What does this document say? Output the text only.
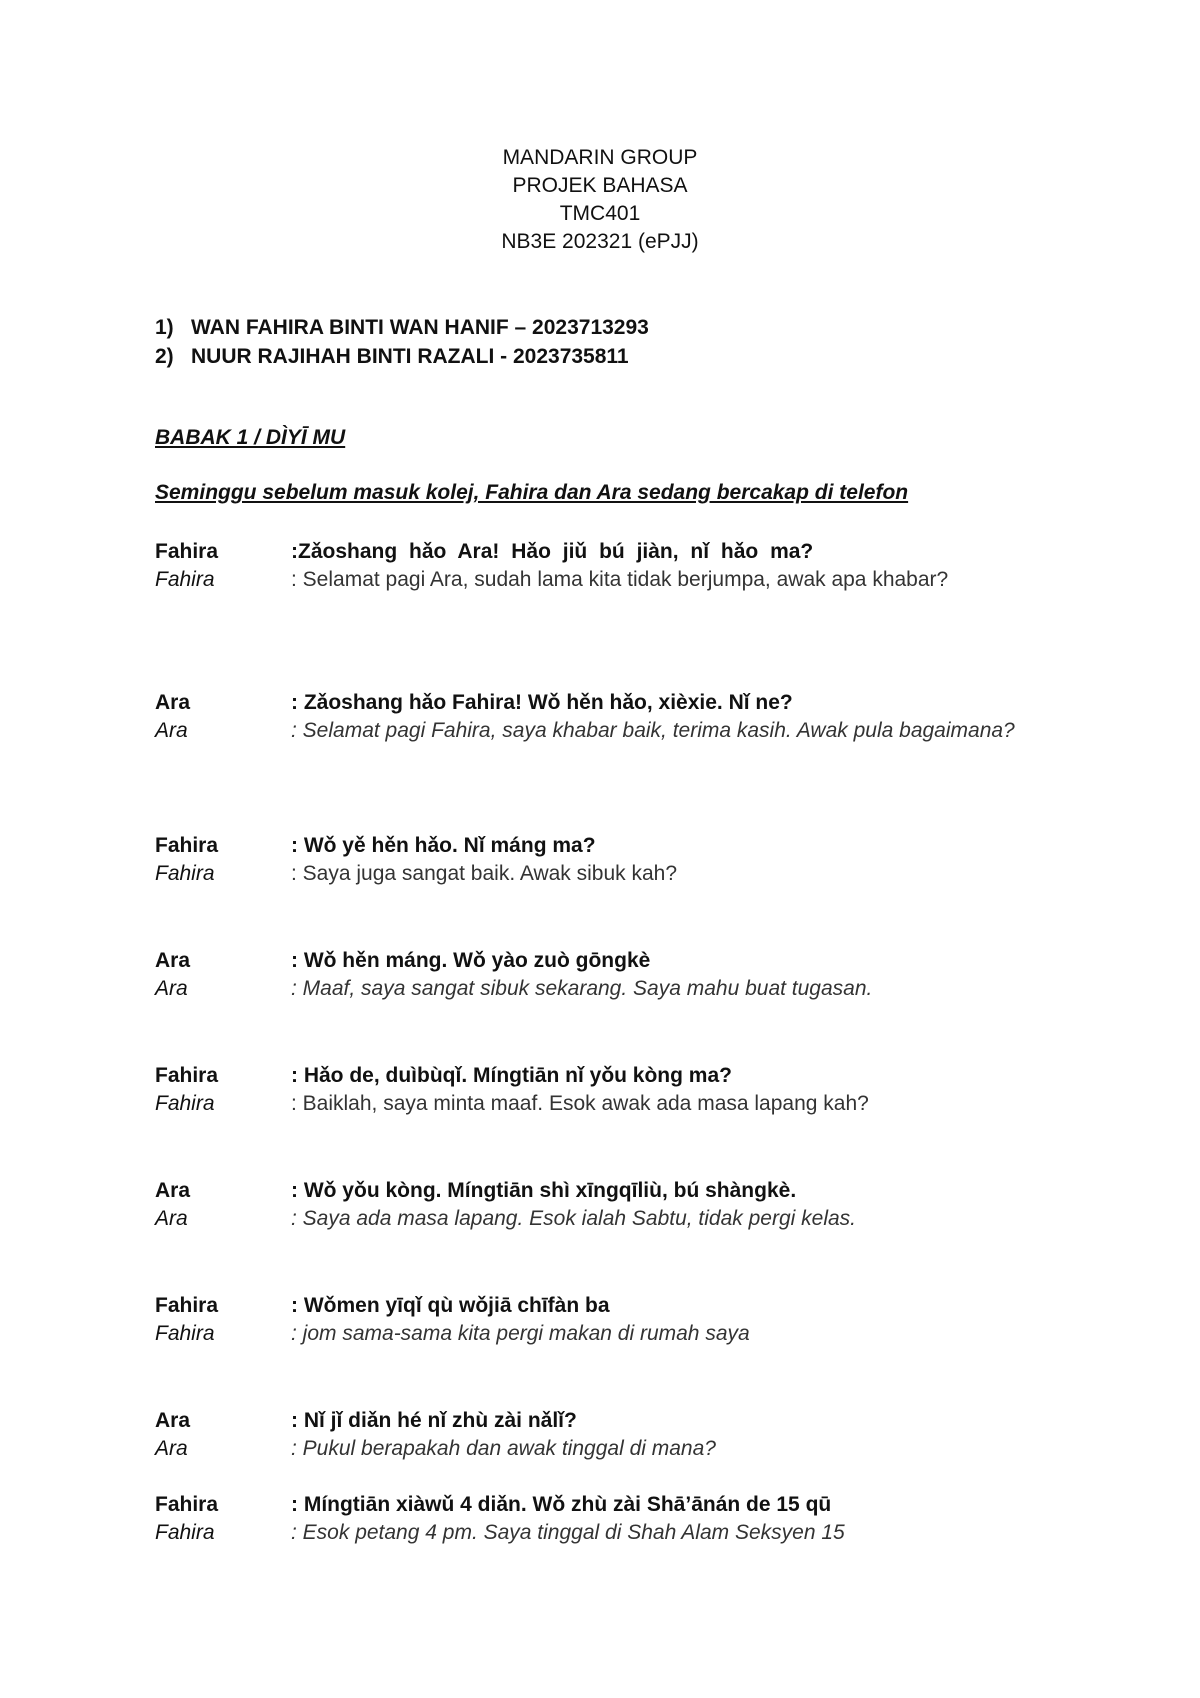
MANDARIN GROUP
PROJEK BAHASA
TMC401
NB3E 202321 (ePJJ)
1) WAN FAHIRA BINTI WAN HANIF – 2023713293
2) NUUR RAJIHAH BINTI RAZALI - 2023735811
BABAK 1 / DÌYĪ MU
Seminggu sebelum masuk kolej, Fahira dan Ara sedang bercakap di telefon
Fahira	:Zǎoshang hǎo Ara! Hǎo jiǔ bú jiàn, nǐ hǎo ma?
Fahira	: Selamat pagi Ara, sudah lama kita tidak berjumpa, awak apa khabar?
Ara	: Zǎoshang hǎo Fahira! Wǒ hěn hǎo, xièxie. Nǐ ne?
Ara	: Selamat pagi Fahira, saya khabar baik, terima kasih. Awak pula bagaimana?
Fahira	: Wǒ yě hěn hǎo. Nǐ máng ma?
Fahira	: Saya juga sangat baik. Awak sibuk kah?
Ara	: Wǒ hěn máng. Wǒ yào zuò gōngkè
Ara	: Maaf, saya sangat sibuk sekarang. Saya mahu buat tugasan.
Fahira	: Hǎo de, duìbùqǐ. Míngtiān nǐ yǒu kòng ma?
Fahira	: Baiklah, saya minta maaf. Esok awak ada masa lapang kah?
Ara	: Wǒ yǒu kòng. Míngtiān shì xīngqīliù, bú shàngkè.
Ara	: Saya ada masa lapang. Esok ialah Sabtu, tidak pergi kelas.
Fahira	: Wǒmen yīqǐ qù wǒjiā chīfàn ba
Fahira	: jom sama-sama kita pergi makan di rumah saya
Ara	: Nǐ jǐ diǎn hé nǐ zhù zài nǎlǐ?
Ara	: Pukul berapakah dan awak tinggal di mana?
Fahira	: Míngtiān xiàwǔ 4 diǎn. Wǒ zhù zài Shā’ānán de 15 qū
Fahira	: Esok petang 4 pm. Saya tinggal di Shah Alam Seksyen 15
